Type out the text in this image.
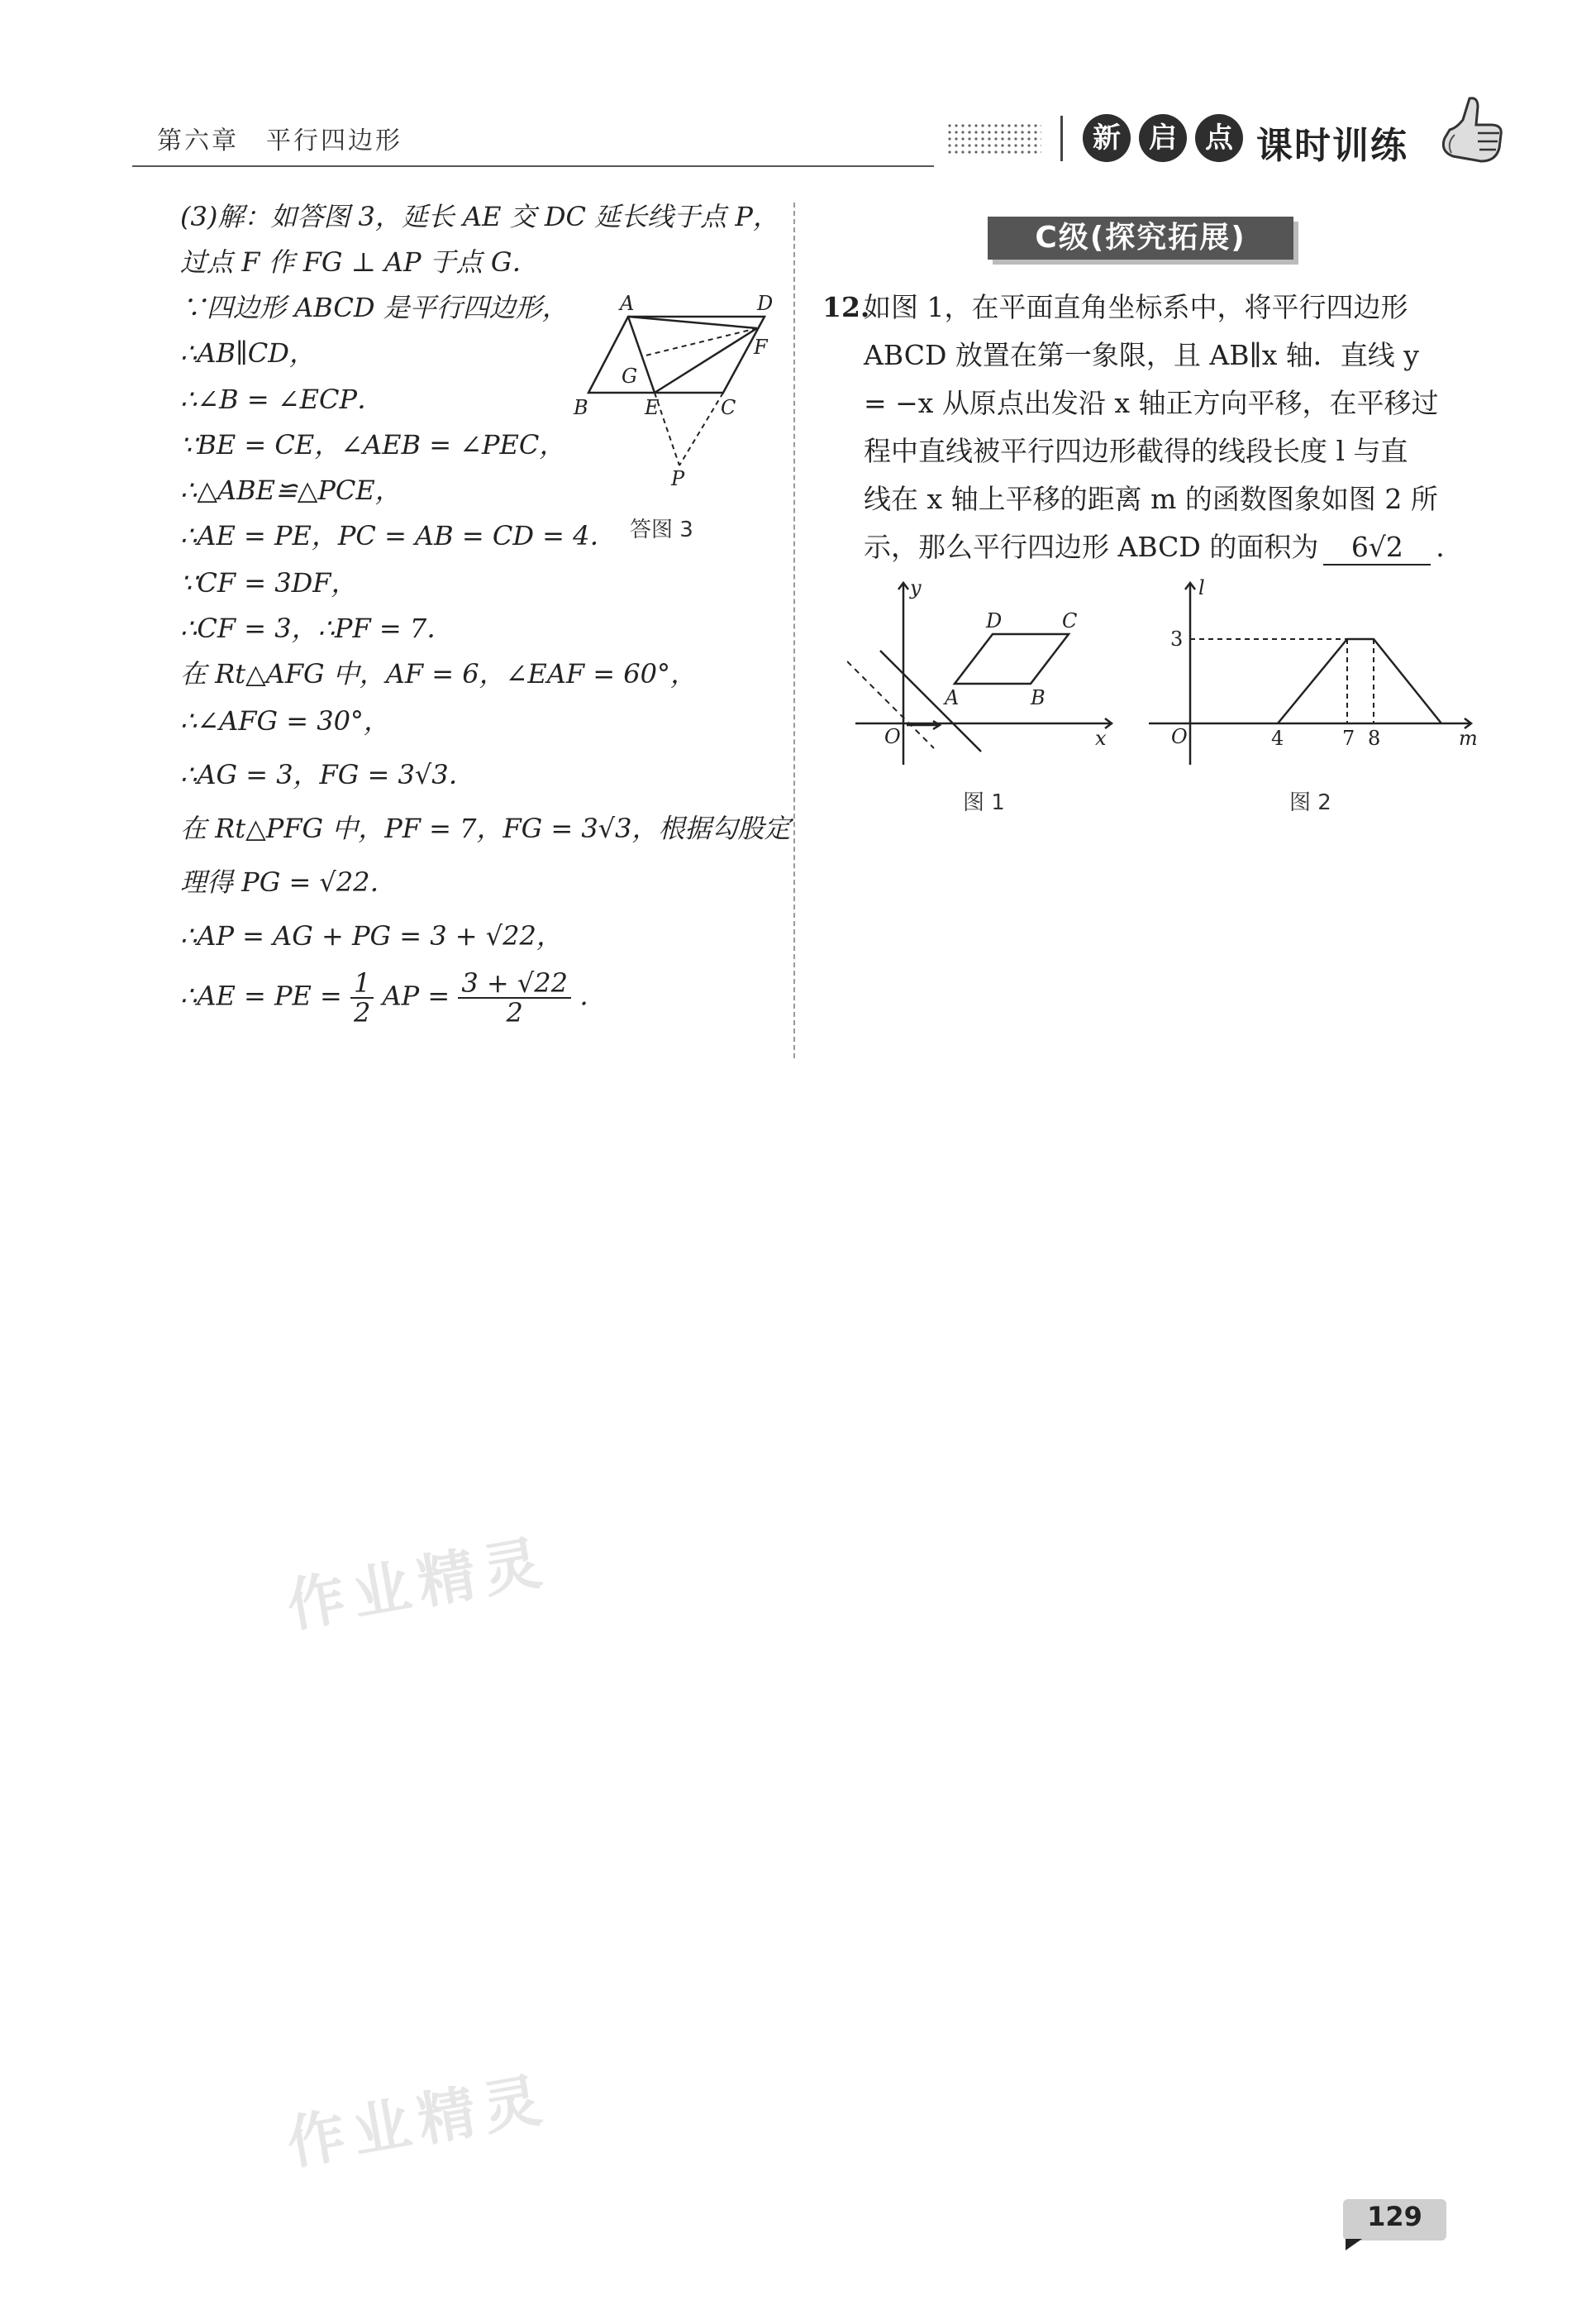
第六章　平行四边形	新	启	点 课时训练
(3)解：如答图 3，延长 AE 交 DC 延长线于点 P，
过点 F 作 FG ⊥ AP 于点 G．
∵四边形 ABCD 是平行四边形，
∴AB∥CD，
∴∠B = ∠ECP．
∵BE = CE，∠AEB = ∠PEC，
∴△ABE≌△PCE，
∴AE = PE，PC = AB = CD = 4．
∵CF = 3DF，
∴CF = 3，∴PF = 7．
在 Rt△AFG 中，AF = 6，∠EAF = 60°，
∴∠AFG = 30°，
∴AG = 3，FG = 3√3．
在 Rt△PFG 中，PF = 7，FG = 3√3，根据勾股定
理得 PG = √22．
∴AP = AG + PG = 3 + √22，
∴AE = PE = $\frac{1}{2}$ AP = $\frac{3 + √22}{2}$ ．
A	D
F
G
B	E	C
P
答图 3
C级(探究拓展)
12.
如图 1，在平面直角坐标系中，将平行四边形
ABCD 放置在第一象限，且 AB∥x 轴．直线 y
= −x 从原点出发沿 x 轴正方向平移，在平移过
程中直线被平行四边形截得的线段长度 l 与直
线在 x 轴上平移的距离 m 的函数图象如图 2 所
示，那么平行四边形 ABCD 的面积为 6√2 ．
y
x
O
A	B
C
D
图 1
l
m
O
3
4	7 8
图 2
作业精灵
作业精灵
129
